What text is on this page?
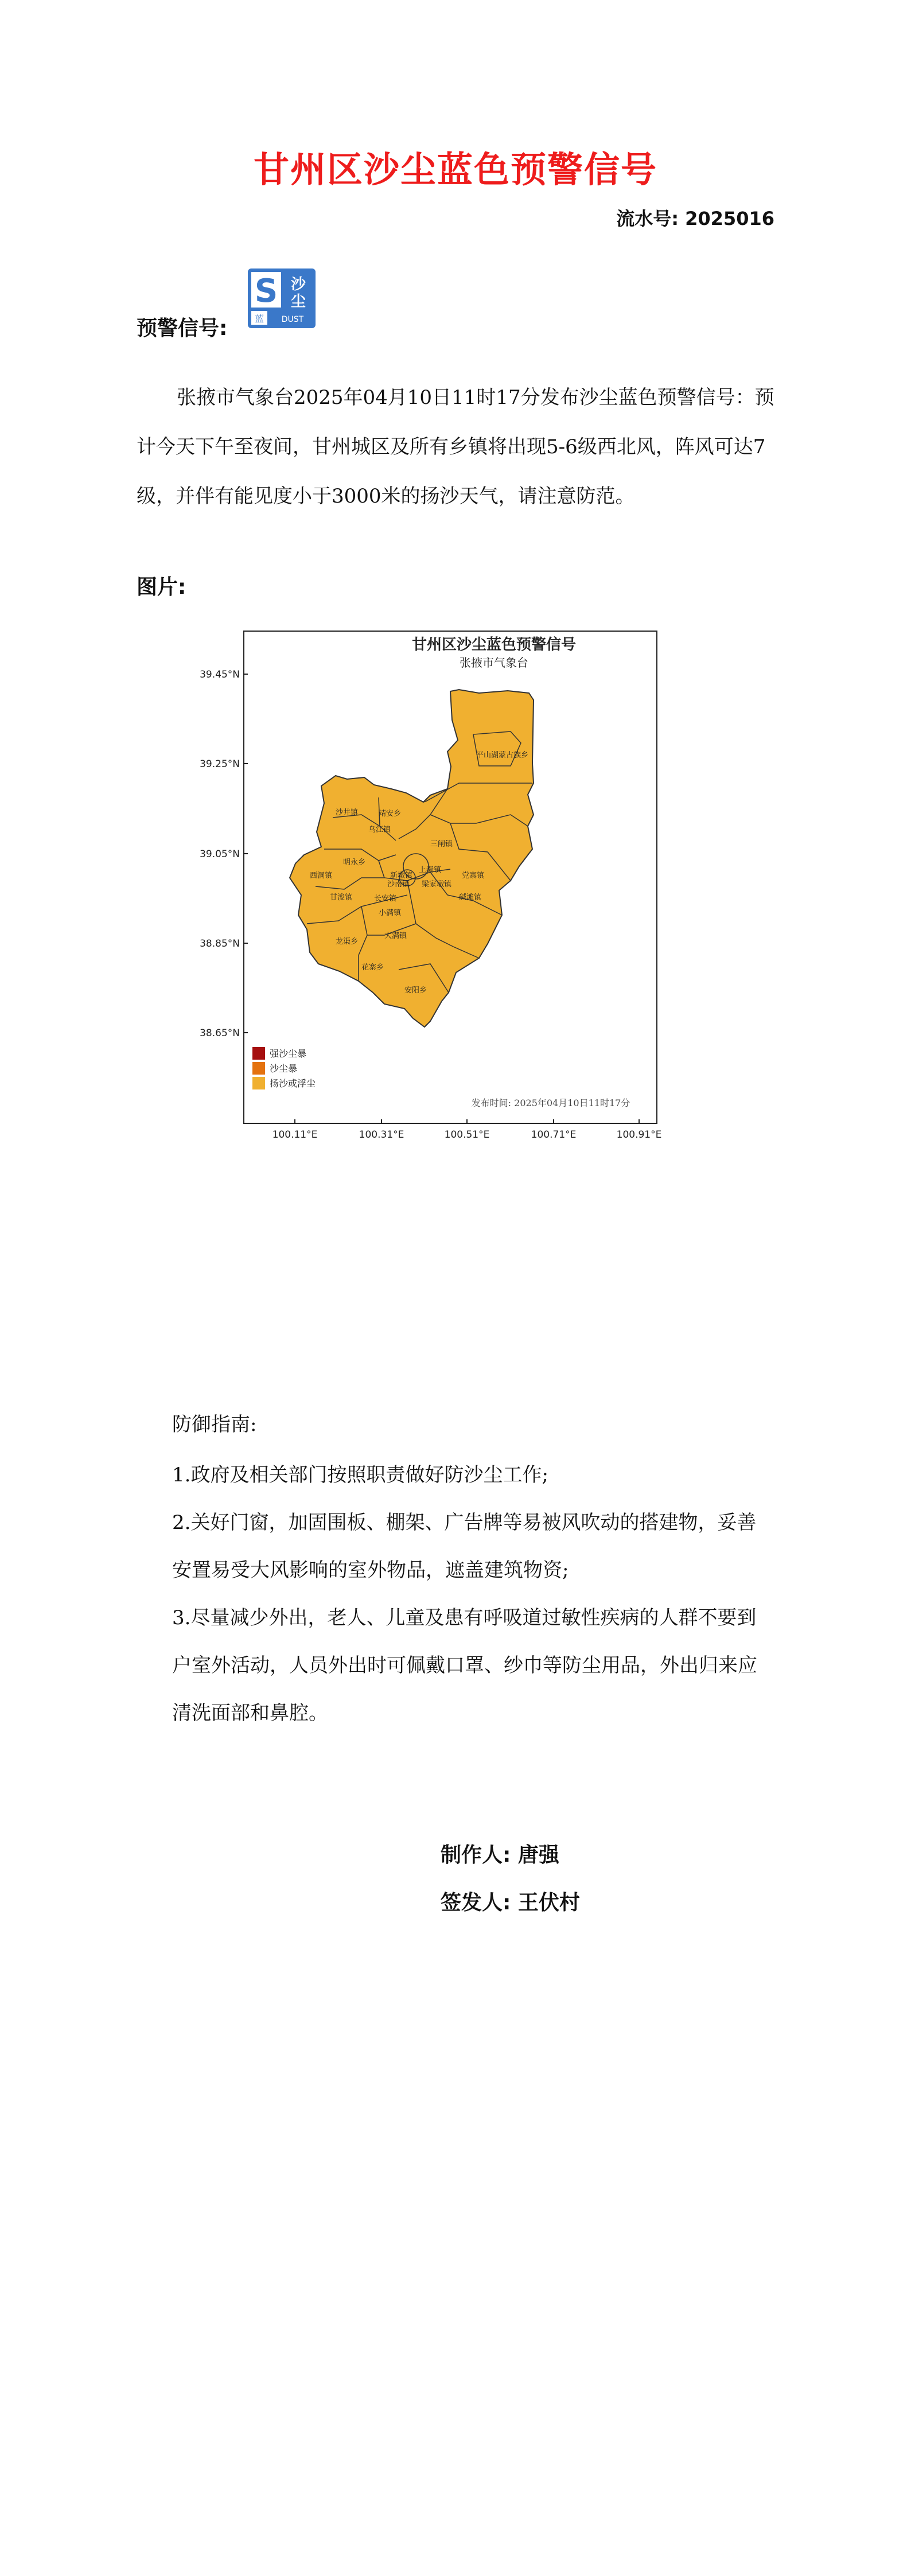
甘州区沙尘蓝色预警信号
流水号: 2025016
预警信号:
S 沙
尘
蓝 DUST
张掖市气象台2025年04月10日11时17分发布沙尘蓝色预警信号：预计今天下午至夜间，甘州城区及所有乡镇将出现5-6级西北风，阵风可达7级，并伴有能见度小于3000米的扬沙天气，请注意防范。
图片:
39.45°N
39.25°N
39.05°N
38.85°N
38.65°N
100.11°E	100.31°E	100.51°E	100.71°E	100.91°E
甘州区沙尘蓝色预警信号
张掖市气象台
平山湖蒙古族乡
沙井镇	靖安乡
乌江镇
三闸镇
明永乡
党寨镇
碱滩镇
甘浚镇
上秦镇
长安镇
新墩镇
梁家墩镇
小满镇
龙渠乡
大满镇
花寨乡
安阳乡
西洞镇
沙南镇
强沙尘暴
沙尘暴
扬沙或浮尘
发布时间: 2025年04月10日11时17分
防御指南:
1.政府及相关部门按照职责做好防沙尘工作;
2.关好门窗，加固围板、棚架、广告牌等易被风吹动的搭建物，妥善安置易受大风影响的室外物品，遮盖建筑物资;
3.尽量减少外出，老人、儿童及患有呼吸道过敏性疾病的人群不要到户室外活动，人员外出时可佩戴口罩、纱巾等防尘用品，外出归来应清洗面部和鼻腔。
制作人: 唐强
签发人: 王伏村
